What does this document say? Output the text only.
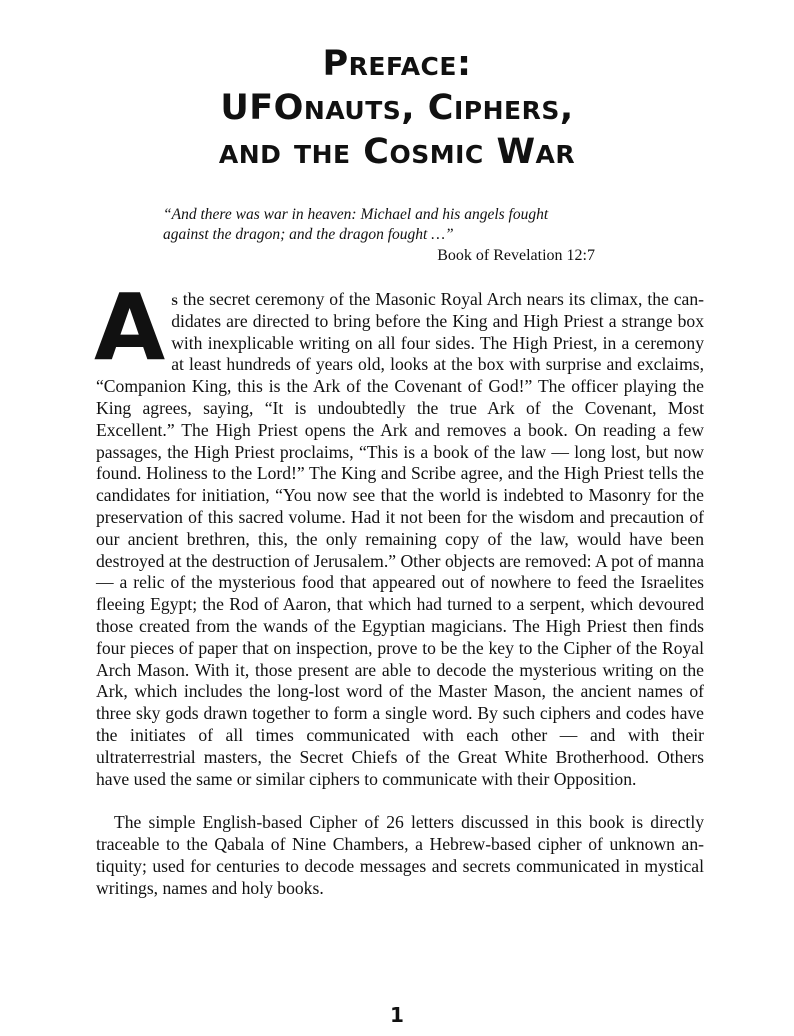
Preface:
UFOnauts, Ciphers,
and the Cosmic War
“And there was war in heaven: Michael and his angels fought against the dragon; and the dragon fought …”
Book of Revelation 12:7

As the secret ceremony of the Masonic Royal Arch nears its climax, the candidates are directed to bring before the King and High Priest a strange box with inexplicable writing on all four sides. The High Priest, in a ceremony at least hundreds of years old, looks at the box with surprise and exclaims, “Companion King, this is the Ark of the Covenant of God!” The officer playing the King agrees, saying, “It is undoubtedly the true Ark of the Covenant, Most Excellent.” The High Priest opens the Ark and removes a book. On reading a few passages, the High Priest proclaims, “This is a book of the law — long lost, but now found. Holiness to the Lord!” The King and Scribe agree, and the High Priest tells the candidates for initiation, “You now see that the world is indebted to Masonry for the preservation of this sacred volume. Had it not been for the wisdom and precaution of our ancient brethren, this, the only remaining copy of the law, would have been destroyed at the destruction of Jerusalem.” Other objects are removed: A pot of manna — a relic of the mysterious food that appeared out of nowhere to feed the Israelites fleeing Egypt; the Rod of Aaron, that which had turned to a serpent, which devoured those created from the wands of the Egyptian magicians. The High Priest then finds four pieces of paper that on inspection, prove to be the key to the Cipher of the Royal Arch Mason. With it, those present are able to decode the mysterious writing on the Ark, which includes the long-lost word of the Master Mason, the ancient names of three sky gods drawn together to form a single word. By such ciphers and codes have the initiates of all times communicated with each other — and with their ultraterrestrial masters, the Secret Chiefs of the Great White Brotherhood. Others have used the same or similar ciphers to communicate with their Opposition.

The simple English-based Cipher of 26 letters discussed in this book is directly traceable to the Qabala of Nine Chambers, a Hebrew-based cipher of unknown antiquity; used for centuries to decode messages and secrets communicated in mystical writings, names and holy books.

1
